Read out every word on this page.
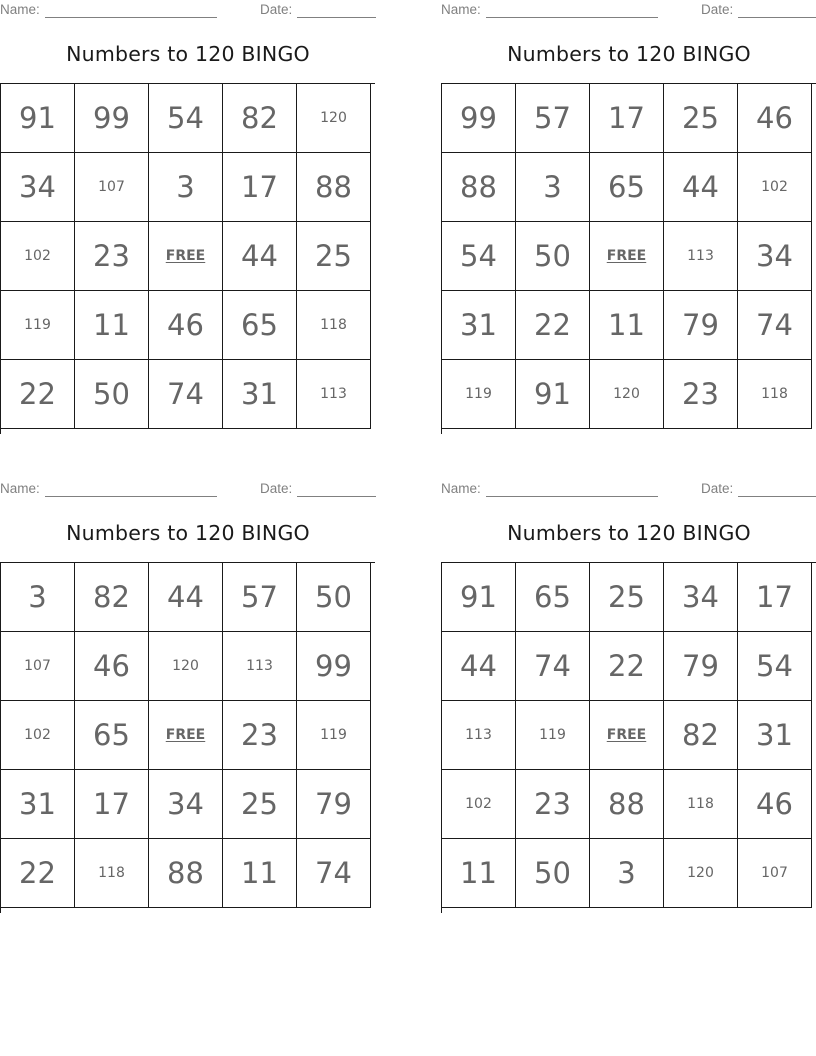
Name:	Date:
Numbers to 120 BINGO
91	99	54	82	120
34	107	3	17	88
102	23	FREE	44	25
119	11	46	65	118
22	50	74	31	113
Name:	Date:
Numbers to 120 BINGO
99	57	17	25	46
88	3	65	44	102
54	50	FREE	113	34
31	22	11	79	74
119	91	120	23	118
Name:	Date:
Numbers to 120 BINGO
3	82	44	57	50
107	46	120	113	99
102	65	FREE	23	119
31	17	34	25	79
22	118	88	11	74
Name:	Date:
Numbers to 120 BINGO
91	65	25	34	17
44	74	22	79	54
113	119	FREE	82	31
102	23	88	118	46
11	50	3	120	107
